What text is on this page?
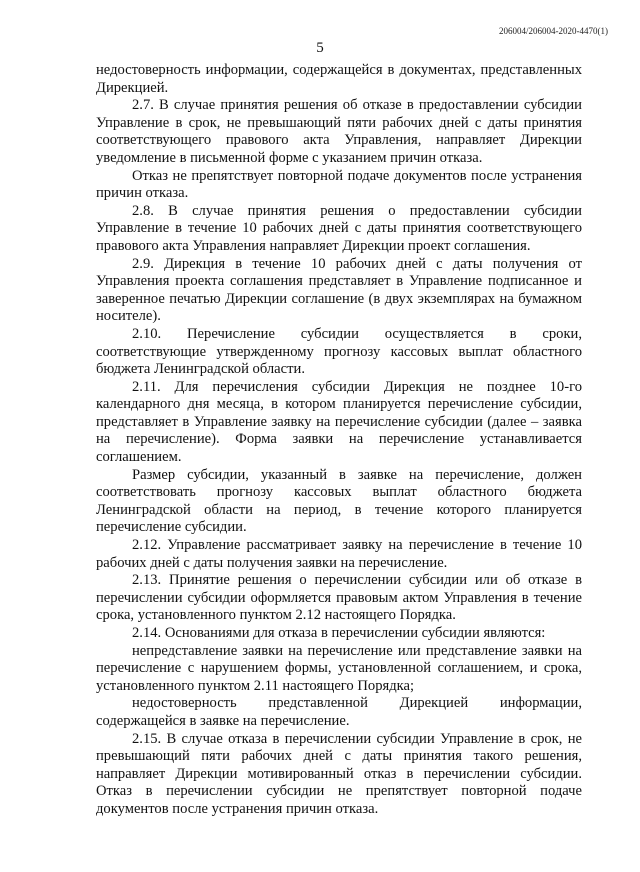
206004/206004-2020-4470(1)
5

недостоверность информации, содержащейся в документах, представленных Дирекцией.

2.7. В случае принятия решения об отказе в предоставлении субсидии Управление в срок, не превышающий пяти рабочих дней с даты принятия соответствующего правового акта Управления, направляет Дирекции уведомление в письменной форме с указанием причин отказа.

Отказ не препятствует повторной подаче документов после устранения причин отказа.

2.8. В случае принятия решения о предоставлении субсидии Управление в течение 10 рабочих дней с даты принятия соответствующего правового акта Управления направляет Дирекции проект соглашения.

2.9. Дирекция в течение 10 рабочих дней с даты получения от Управления проекта соглашения представляет в Управление подписанное и заверенное печатью Дирекции соглашение (в двух экземплярах на бумажном носителе).

2.10. Перечисление субсидии осуществляется в сроки, соответствующие утвержденному прогнозу кассовых выплат областного бюджета Ленинградской области.

2.11. Для перечисления субсидии Дирекция не позднее 10-го календарного дня месяца, в котором планируется перечисление субсидии, представляет в Управление заявку на перечисление субсидии (далее – заявка на перечисление). Форма заявки на перечисление устанавливается соглашением.

Размер субсидии, указанный в заявке на перечисление, должен соответствовать прогнозу кассовых выплат областного бюджета Ленинградской области на период, в течение которого планируется перечисление субсидии.

2.12. Управление рассматривает заявку на перечисление в течение 10 рабочих дней с даты получения заявки на перечисление.

2.13. Принятие решения о перечислении субсидии или об отказе в перечислении субсидии оформляется правовым актом Управления в течение срока, установленного пунктом 2.12 настоящего Порядка.

2.14. Основаниями для отказа в перечислении субсидии являются:

непредставление заявки на перечисление или представление заявки на перечисление с нарушением формы, установленной соглашением, и срока, установленного пунктом 2.11 настоящего Порядка;

недостоверность представленной Дирекцией информации, содержащейся в заявке на перечисление.

2.15. В случае отказа в перечислении субсидии Управление в срок, не превышающий пяти рабочих дней с даты принятия такого решения, направляет Дирекции мотивированный отказ в перечислении субсидии. Отказ в перечислении субсидии не препятствует повторной подаче документов после устранения причин отказа.
